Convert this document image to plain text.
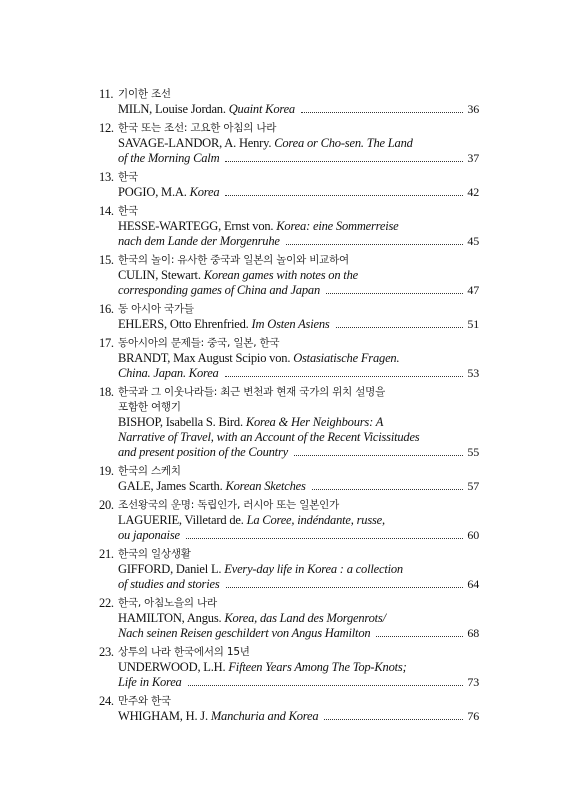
11. 기이한 조선
MILN, Louise Jordan. Quaint Korea	36
12. 한국 또는 조선: 고요한 아침의 나라
SAVAGE-LANDOR, A. Henry. Corea or Cho-sen. The Land
of the Morning Calm	37
13. 한국
POGIO, M.A. Korea	42
14. 한국
HESSE-WARTEGG, Ernst von. Korea: eine Sommerreise
nach dem Lande der Morgenruhe	45
15. 한국의 놀이: 유사한 중국과 일본의 놀이와 비교하여
CULIN, Stewart. Korean games with notes on the
corresponding games of China and Japan	47
16. 동 아시아 국가들
EHLERS, Otto Ehrenfried. Im Osten Asiens	51
17. 동아시아의 문제들: 중국, 일본, 한국
BRANDT, Max August Scipio von. Ostasiatische Fragen.
China. Japan. Korea	53
18. 한국과 그 이웃나라들: 최근 변천과 현재 국가의 위치 설명을
포함한 여행기
BISHOP, Isabella S. Bird. Korea & Her Neighbours: A
Narrative of Travel, with an Account of the Recent Vicissitudes
and present position of the Country	55
19. 한국의 스케치
GALE, James Scarth. Korean Sketches	57
20. 조선왕국의 운명: 독립인가, 러시아 또는 일본인가
LAGUERIE, Villetard de. La Coree, indéndante, russe,
ou japonaise	60
21. 한국의 일상생활
GIFFORD, Daniel L. Every-day life in Korea : a collection
of studies and stories	64
22. 한국, 아침노을의 나라
HAMILTON, Angus. Korea, das Land des Morgenrots/
Nach seinen Reisen geschildert von Angus Hamilton	68
23. 상투의 나라 한국에서의 15년
UNDERWOOD, L.H. Fifteen Years Among The Top-Knots;
Life in Korea	73
24. 만주와 한국
WHIGHAM, H. J. Manchuria and Korea	76
